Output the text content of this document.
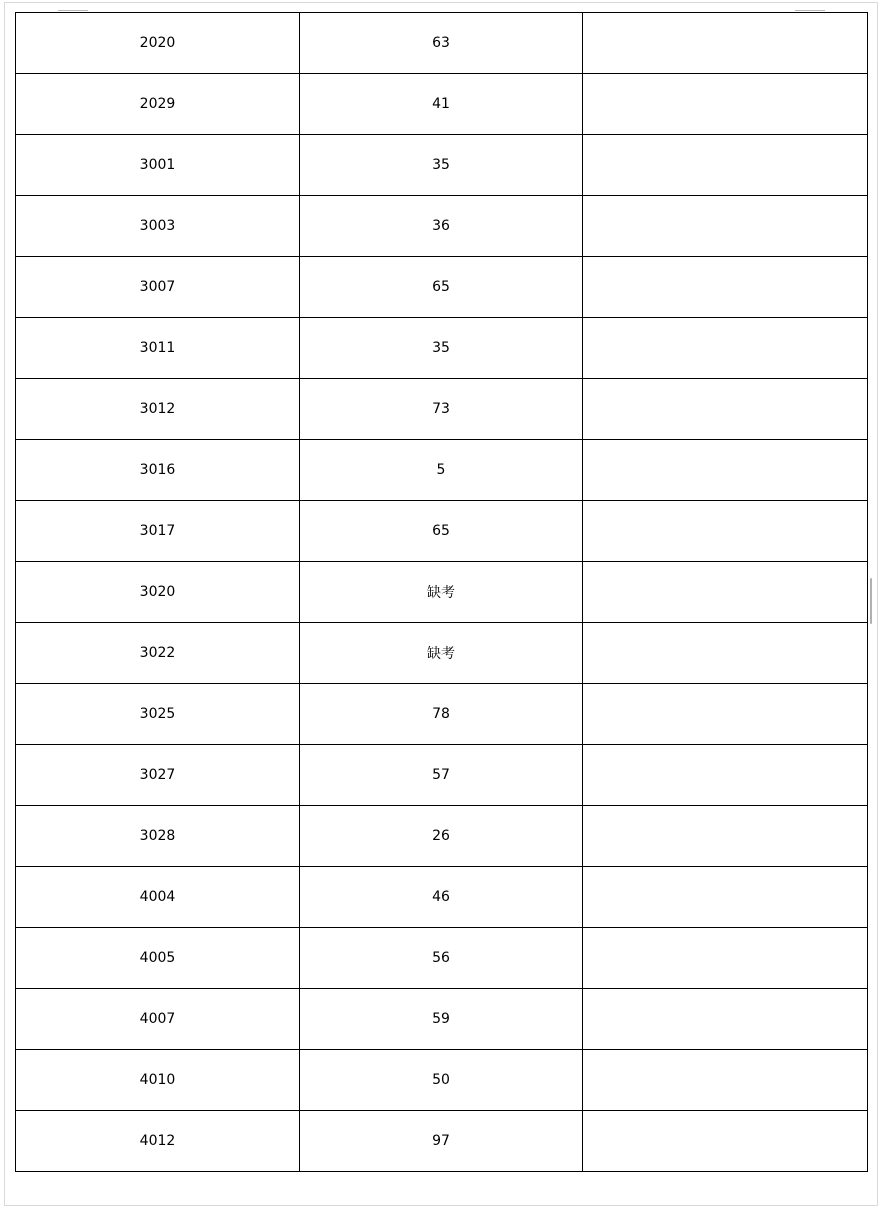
2020	63	
2029	41	
3001	35	
3003	36	
3007	65	
3011	35	
3012	73	
3016	5	
3017	65	
3020	缺考	
3022	缺考	
3025	78	
3027	57	
3028	26	
4004	46	
4005	56	
4007	59	
4010	50	
4012	97	
